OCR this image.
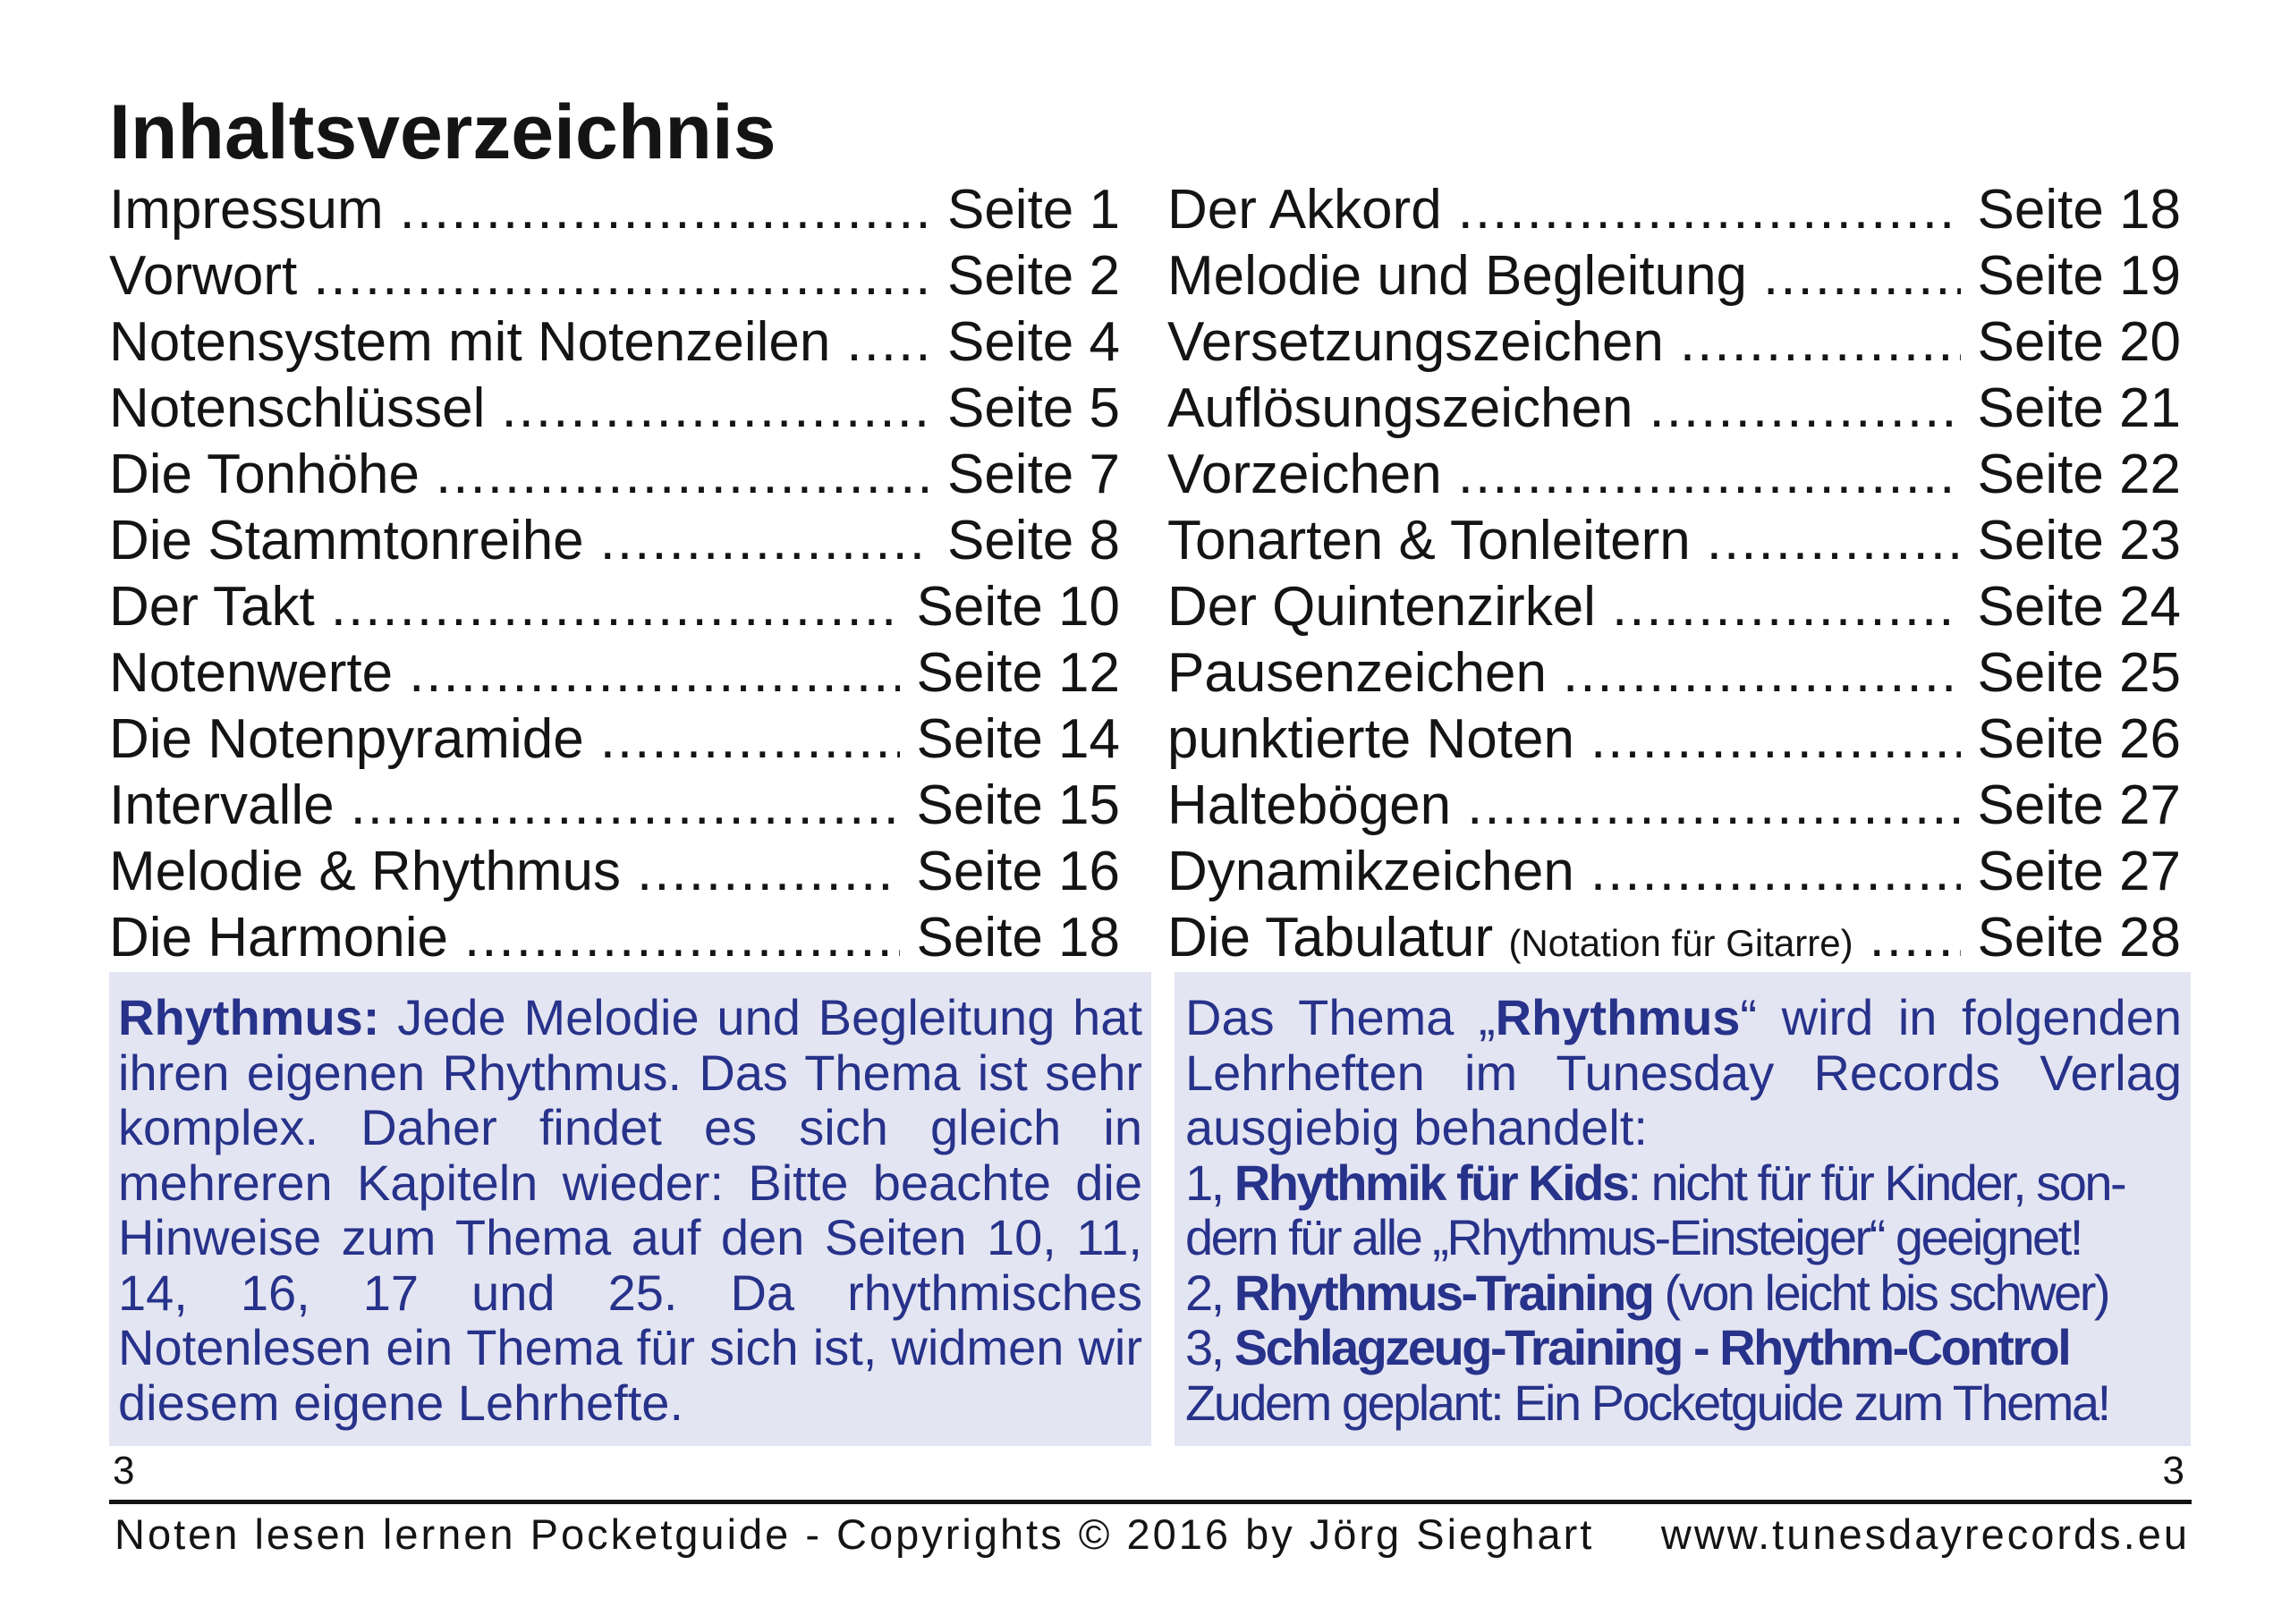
Inhaltsverzeichnis
Impressum .....	Seite 1
Vorwort .....	Seite 2
Notensystem mit Notenzeilen ..... Seite 4
Notenschlüssel .....	Seite 5
Die Tonhöhe .....	Seite 7
Die Stammtonreihe .....	Seite 8
Der Takt .....	Seite 10
Notenwerte .....	Seite 12
Die Notenpyramide .....	Seite 14
Intervalle .....	Seite 15
Melodie & Rhythmus .....	Seite 16
Die Harmonie .....	Seite 18
Der Akkord .....	Seite 18
Melodie und Begleitung .....	Seite 19
Versetzungszeichen .....	Seite 20
Auflösungszeichen .....	Seite 21
Vorzeichen .....	Seite 22
Tonarten & Tonleitern .....	Seite 23
Der Quintenzirkel .....	Seite 24
Pausenzeichen .....	Seite 25
punktierte Noten .....	Seite 26
Haltebögen .....	Seite 27
Dynamikzeichen .....	Seite 27
Die Tabulatur (Notation für Gitarre) ..... Seite 28
Rhythmus: Jede Melodie und Begleitung hat ihren eigenen Rhythmus. Das Thema ist sehr komplex. Daher findet es sich gleich in mehreren Kapiteln wieder: Bitte beachte die Hinweise zum Thema auf den Seiten 10, 11, 14, 16, 17 und 25. Da rhythmisches Notenlesen ein Thema für sich ist, widmen wir diesem eigene Lehrhefte.

Das Thema „Rhythmus“ wird in folgenden Lehrheften im Tunesday Records Verlag ausgiebig behandelt:

1, Rhythmik für Kids: nicht für für Kinder, son-

dern für alle „Rhythmus-Einsteiger“ geeignet!

2, Rhythmus-Training (von leicht bis schwer)

3, Schlagzeug-Training - Rhythm-Control

Zudem geplant: Ein Pocketguide zum Thema!

3	3
Noten lesen lernen Pocketguide - Copyrights © 2016 by Jörg Sieghart www.tunesdayrecords.eu
